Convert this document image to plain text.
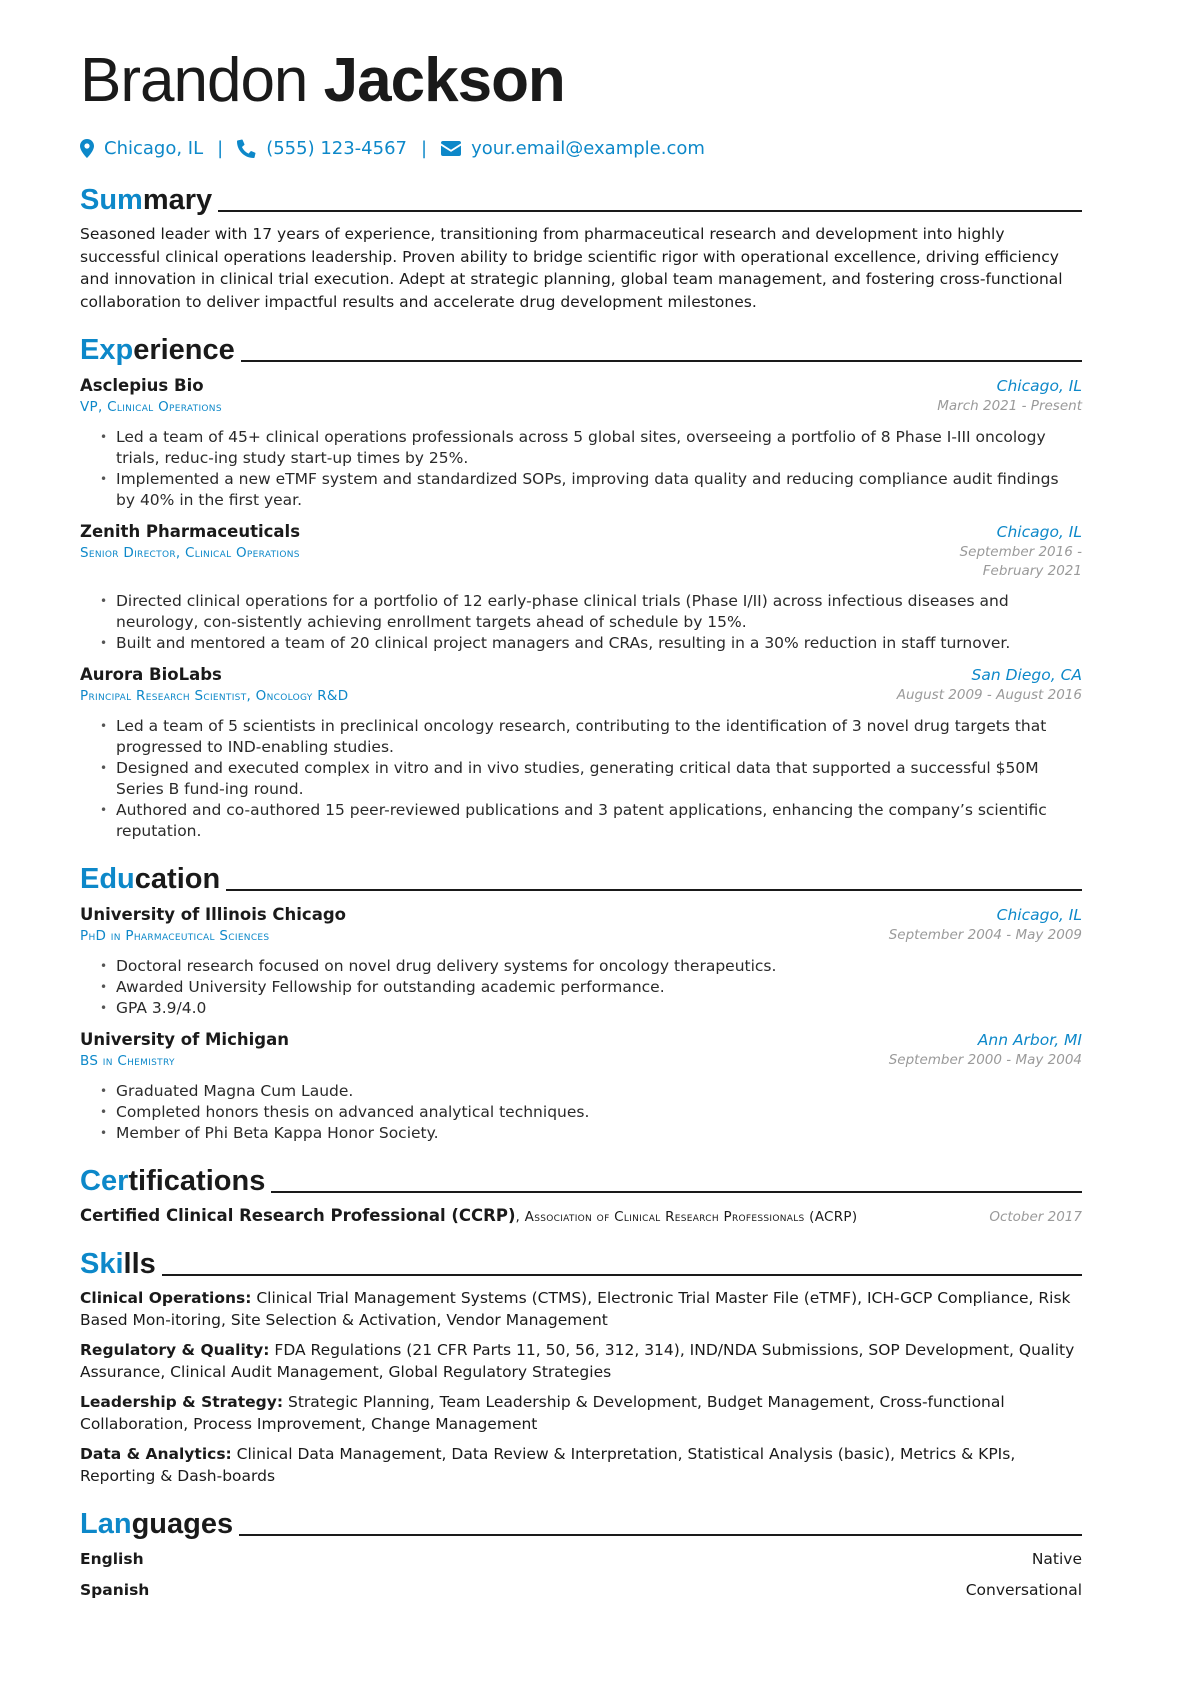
Brandon Jackson
Chicago, IL | (555) 123-4567 | your.email@example.com
Summary

Seasoned leader with 17 years of experience, transitioning from pharmaceutical research and development into highly successful clinical operations leadership. Proven ability to bridge scientific rigor with operational excellence, driving efficiency and innovation in clinical trial execution. Adept at strategic planning, global team management, and fostering cross-functional collaboration to deliver impactful results and accelerate drug development milestones.

Experience
Asclepius Bio	Chicago, IL
VP, Clinical Operations	March 2021 - Present
• Led a team of 45+ clinical operations professionals across 5 global sites, overseeing a portfolio of 8 Phase I-III oncology trials, reduc-ing study start-up times by 25%.
• Implemented a new eTMF system and standardized SOPs, improving data quality and reducing compliance audit findings by 40% in the first year.
Zenith Pharmaceuticals	Chicago, IL
Senior Director, Clinical Operations	September 2016 - February 2021
• Directed clinical operations for a portfolio of 12 early-phase clinical trials (Phase I/II) across infectious diseases and neurology, con-sistently achieving enrollment targets ahead of schedule by 15%.
• Built and mentored a team of 20 clinical project managers and CRAs, resulting in a 30% reduction in staff turnover.
Aurora BioLabs	San Diego, CA
Principal Research Scientist, Oncology R&D	August 2009 - August 2016
• Led a team of 5 scientists in preclinical oncology research, contributing to the identification of 3 novel drug targets that progressed to IND-enabling studies.
• Designed and executed complex in vitro and in vivo studies, generating critical data that supported a successful $50M Series B fund-ing round.
• Authored and co-authored 15 peer-reviewed publications and 3 patent applications, enhancing the company’s scientific reputation.
Education
University of Illinois Chicago	Chicago, IL
PhD in Pharmaceutical Sciences	September 2004 - May 2009
• Doctoral research focused on novel drug delivery systems for oncology therapeutics.
• Awarded University Fellowship for outstanding academic performance.
• GPA 3.9/4.0
University of Michigan	Ann Arbor, MI
BS in Chemistry	September 2000 - May 2004
• Graduated Magna Cum Laude.
• Completed honors thesis on advanced analytical techniques.
• Member of Phi Beta Kappa Honor Society.
Certifications
Certified Clinical Research Professional (CCRP), Association of Clinical Research Professionals (ACRP)	October 2017
Skills
Clinical Operations: Clinical Trial Management Systems (CTMS), Electronic Trial Master File (eTMF), ICH-GCP Compliance, Risk Based Mon-itoring, Site Selection & Activation, Vendor Management
Regulatory & Quality: FDA Regulations (21 CFR Parts 11, 50, 56, 312, 314), IND/NDA Submissions, SOP Development, Quality Assurance, Clinical Audit Management, Global Regulatory Strategies
Leadership & Strategy: Strategic Planning, Team Leadership & Development, Budget Management, Cross-functional Collaboration, Process Improvement, Change Management
Data & Analytics: Clinical Data Management, Data Review & Interpretation, Statistical Analysis (basic), Metrics & KPIs, Reporting & Dash-boards
Languages
English	Native
Spanish	Conversational
